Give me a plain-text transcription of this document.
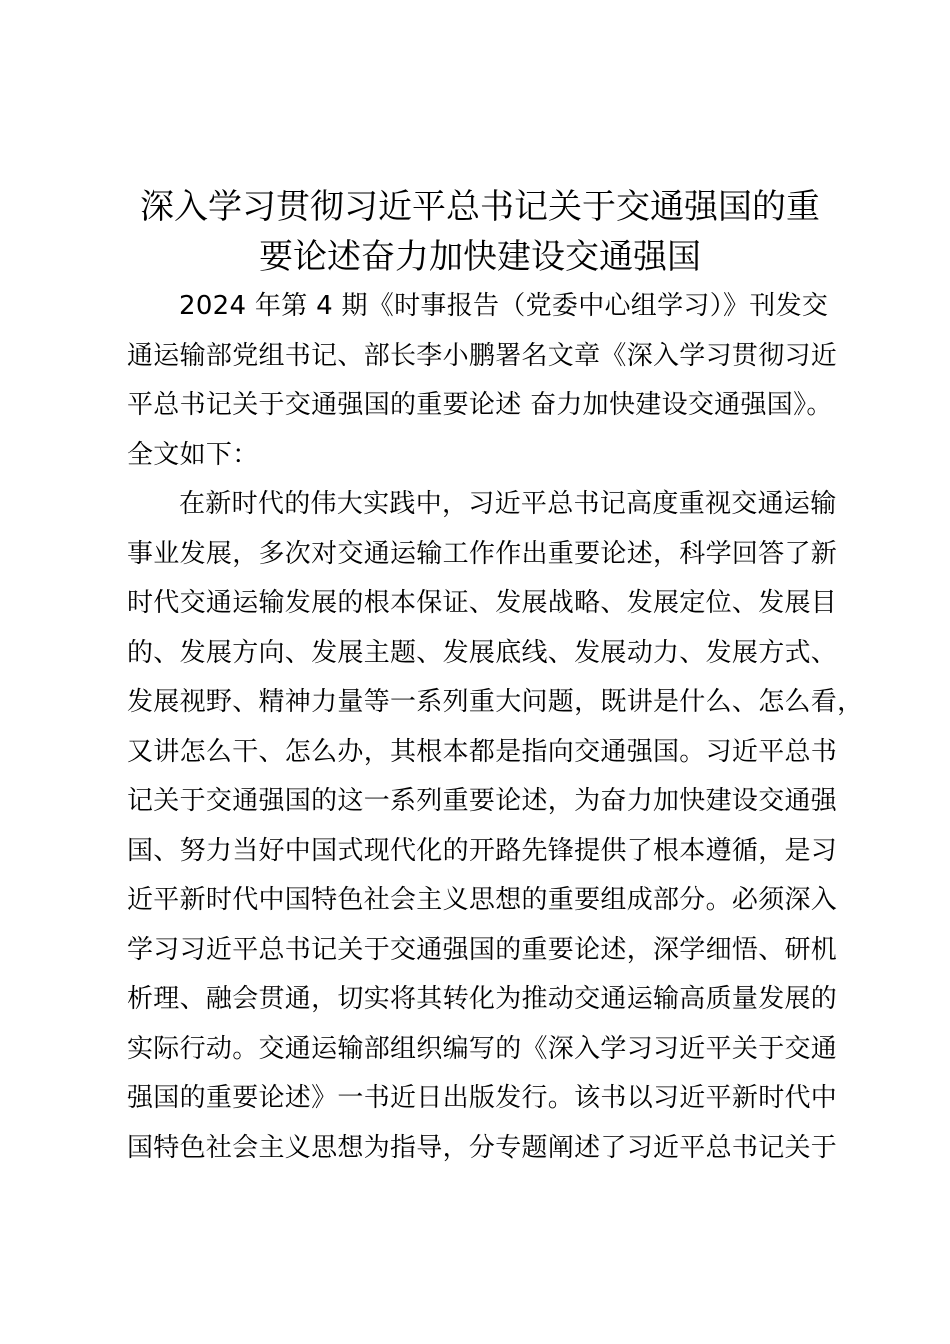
深入学习贯彻习近平总书记关于交通强国的重
要论述奋力加快建设交通强国
2024 年第 4 期《时事报告（党委中心组学习）》刊发交
通运输部党组书记、部长李小鹏署名文章《深入学习贯彻习近
平总书记关于交通强国的重要论述 奋力加快建设交通强国》。
全文如下：
在新时代的伟大实践中，习近平总书记高度重视交通运输
事业发展，多次对交通运输工作作出重要论述，科学回答了新
时代交通运输发展的根本保证、发展战略、发展定位、发展目
的、发展方向、发展主题、发展底线、发展动力、发展方式、
发展视野、精神力量等一系列重大问题，既讲是什么、怎么看，
又讲怎么干、怎么办，其根本都是指向交通强国。习近平总书
记关于交通强国的这一系列重要论述，为奋力加快建设交通强
国、努力当好中国式现代化的开路先锋提供了根本遵循，是习
近平新时代中国特色社会主义思想的重要组成部分。必须深入
学习习近平总书记关于交通强国的重要论述，深学细悟、研机
析理、融会贯通，切实将其转化为推动交通运输高质量发展的
实际行动。交通运输部组织编写的《深入学习习近平关于交通
强国的重要论述》一书近日出版发行。该书以习近平新时代中
国特色社会主义思想为指导，分专题阐述了习近平总书记关于
